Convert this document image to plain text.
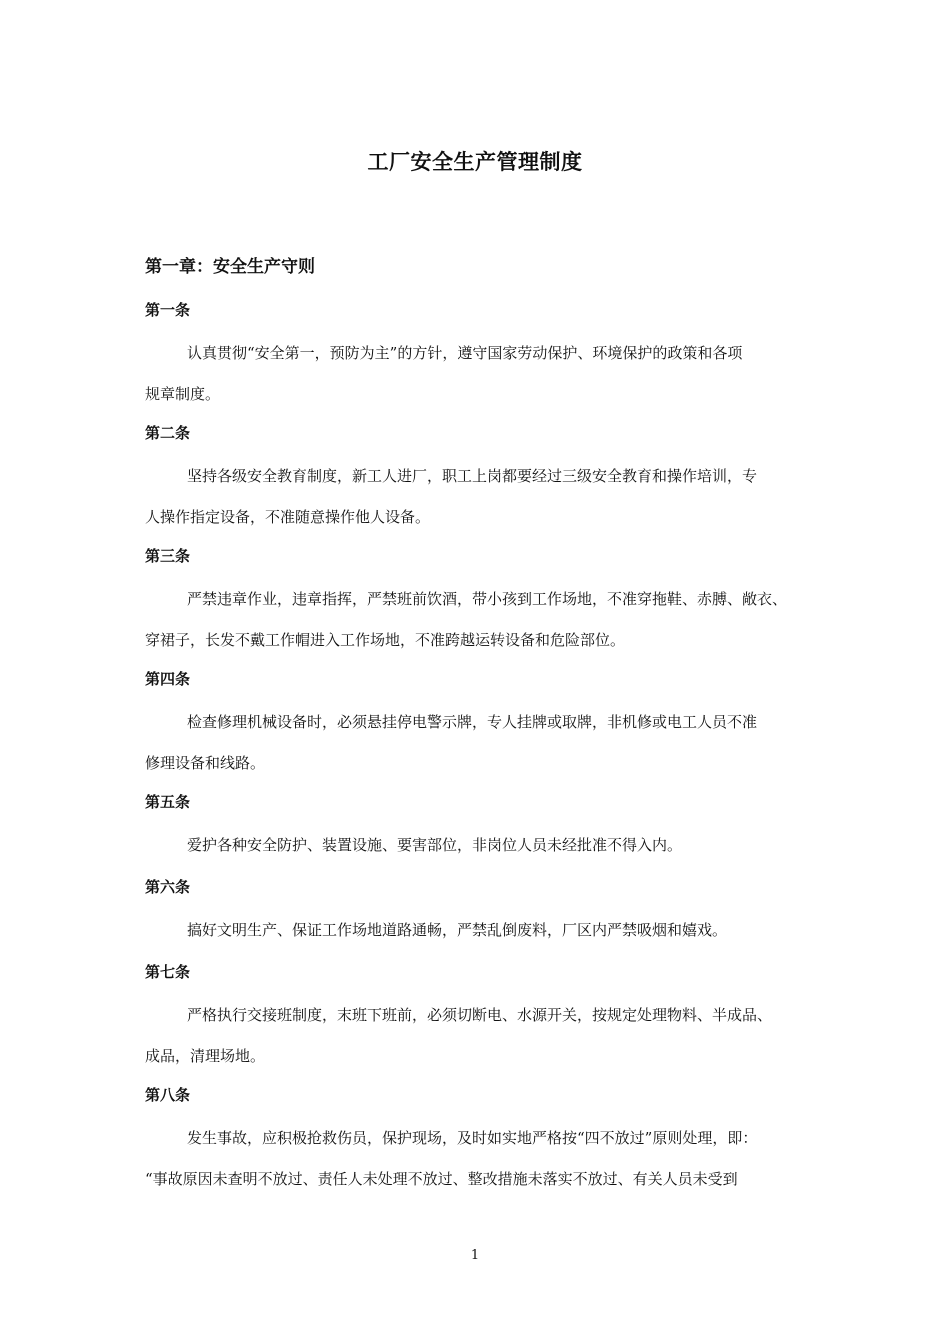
工厂安全生产管理制度
第一章：安全生产守则
第一条
认真贯彻“安全第一，预防为主”的方针，遵守国家劳动保护、环境保护的政策和各项
规章制度。
第二条
坚持各级安全教育制度，新工人进厂，职工上岗都要经过三级安全教育和操作培训，专
人操作指定设备，不准随意操作他人设备。
第三条
严禁违章作业，违章指挥，严禁班前饮酒，带小孩到工作场地，不准穿拖鞋、赤膊、敞衣、
穿裙子，长发不戴工作帽进入工作场地，不准跨越运转设备和危险部位。
第四条
检查修理机械设备时，必须悬挂停电警示牌，专人挂牌或取牌，非机修或电工人员不准
修理设备和线路。
第五条
爱护各种安全防护、装置设施、要害部位，非岗位人员未经批准不得入内。
第六条
搞好文明生产、保证工作场地道路通畅，严禁乱倒废料，厂区内严禁吸烟和嬉戏。
第七条
严格执行交接班制度，末班下班前，必须切断电、水源开关，按规定处理物料、半成品、
成品，清理场地。
第八条
发生事故，应积极抢救伤员，保护现场，及时如实地严格按“四不放过”原则处理，即：
“事故原因未查明不放过、责任人未处理不放过、整改措施未落实不放过、有关人员未受到
1
